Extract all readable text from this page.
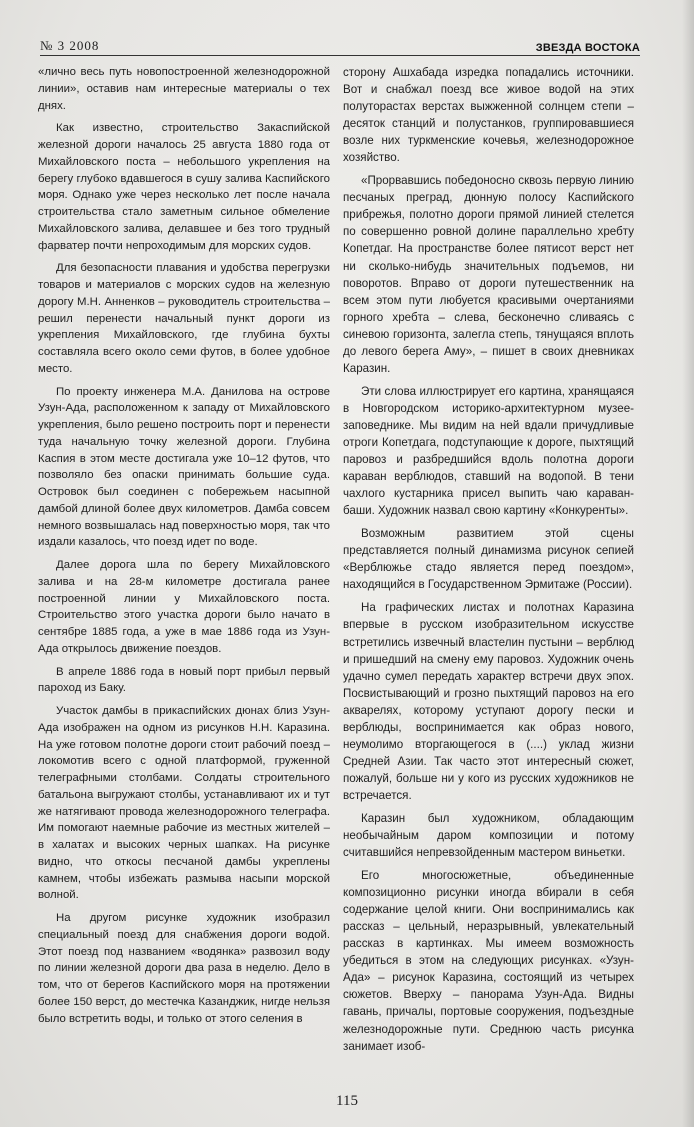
№ 3 2008	ЗВЕЗДА ВОСТОКА

«лично весь путь новопостроенной железнодорожной линии», оставив нам интересные материалы о тех днях.

Как известно, строительство Закаспийской железной дороги началось 25 августа 1880 года от Михайловского поста – небольшого укрепления на берегу глубоко вдавшегося в сушу залива Каспийского моря. Однако уже через несколько лет после начала строительства стало заметным сильное обмеление Михайловского залива, делавшее и без того трудный фарватер почти непроходимым для морских судов.

Для безопасности плавания и удобства перегрузки товаров и материалов с морских судов на железную дорогу М.Н. Анненков – руководитель строительства – решил перенести начальный пункт дороги из укрепления Михайловского, где глубина бухты составляла всего около семи футов, в более удобное место.

По проекту инженера М.А. Данилова на острове Узун-Ада, расположенном к западу от Михайловского укрепления, было решено построить порт и перенести туда начальную точку железной дороги. Глубина Каспия в этом месте достигала уже 10–12 футов, что позволяло без опаски принимать большие суда. Островок был соединен с побережьем насыпной дамбой длиной более двух километров. Дамба совсем немного возвышалась над поверхностью моря, так что издали казалось, что поезд идет по воде.

Далее дорога шла по берегу Михайловского залива и на 28-м километре достигала ранее построенной линии у Михайловского поста. Строительство этого участка дороги было начато в сентябре 1885 года, а уже в мае 1886 года из Узун-Ада открылось движение поездов.

В апреле 1886 года в новый порт прибыл первый пароход из Баку.

Участок дамбы в прикаспийских дюнах близ Узун-Ада изображен на одном из рисунков Н.Н. Каразина. На уже готовом полотне дороги стоит рабочий поезд – локомотив всего с одной платформой, груженной телеграфными столбами. Солдаты строительного батальона выгружают столбы, устанавливают их и тут же натягивают провода железнодорожного телеграфа. Им помогают наемные рабочие из местных жителей – в халатах и высоких черных шапках. На рисунке видно, что откосы песчаной дамбы укреплены камнем, чтобы избежать размыва насыпи морской волной.

На другом рисунке художник изобразил специальный поезд для снабжения дороги водой. Этот поезд под названием «водянка» развозил воду по линии железной дороги два раза в неделю. Дело в том, что от берегов Каспийского моря на протяжении более 150 верст, до местечка Казанджик, нигде нельзя было встретить воды, и только от этого селения в

сторону Ашхабада изредка попадались источники. Вот и снабжал поезд все живое водой на этих полуторастах верстах выжженной солнцем степи – десяток станций и полустанков, группировавшиеся возле них туркменские кочевья, железнодорожное хозяйство.

«Прорвавшись победоносно сквозь первую линию песчаных преград, дюнную полосу Каспийского прибрежья, полотно дороги прямой линией стелется по совершенно ровной долине параллельно хребту Копетдаг. На пространстве более пятисот верст нет ни сколько-нибудь значительных подъемов, ни поворотов. Вправо от дороги путешественник на всем этом пути любуется красивыми очертаниями горного хребта – слева, бесконечно сливаясь с синевою горизонта, залегла степь, тянущаяся вплоть до левого берега Аму», – пишет в своих дневниках Каразин.

Эти слова иллюстрирует его картина, хранящаяся в Новгородском историко-архитектурном музее-заповеднике. Мы видим на ней вдали причудливые отроги Копетдага, подступающие к дороге, пыхтящий паровоз и разбредшийся вдоль полотна дороги караван верблюдов, ставший на водопой. В тени чахлого кустарника присел выпить чаю караван-баши. Художник назвал свою картину «Конкуренты».

Возможным развитием этой сцены представляется полный динамизма рисунок сепией «Верблюжье стадо является перед поездом», находящийся в Государственном Эрмитаже (России).

На графических листах и полотнах Каразина впервые в русском изобразительном искусстве встретились извечный властелин пустыни – верблюд и пришедший на смену ему паровоз. Художник очень удачно сумел передать характер встречи двух эпох. Посвистывающий и грозно пыхтящий паровоз на его акварелях, которому уступают дорогу пески и верблюды, воспринимается как образ нового, неумолимо вторгающегося в (....) уклад жизни Средней Азии. Так часто этот интересный сюжет, пожалуй, больше ни у кого из русских художников не встречается.

Каразин был художником, обладающим необычайным даром композиции и потому считавшийся непревзойденным мастером виньетки.

Его многосюжетные, объединенные композиционно рисунки иногда вбирали в себя содержание целой книги. Они воспринимались как рассказ – цельный, неразрывный, увлекательный рассказ в картинках. Мы имеем возможность убедиться в этом на следующих рисунках. «Узун-Ада» – рисунок Каразина, состоящий из четырех сюжетов. Вверху – панорама Узун-Ада. Видны гавань, причалы, портовые сооружения, подъездные железнодорожные пути. Среднюю часть рисунка занимает изоб-

115
